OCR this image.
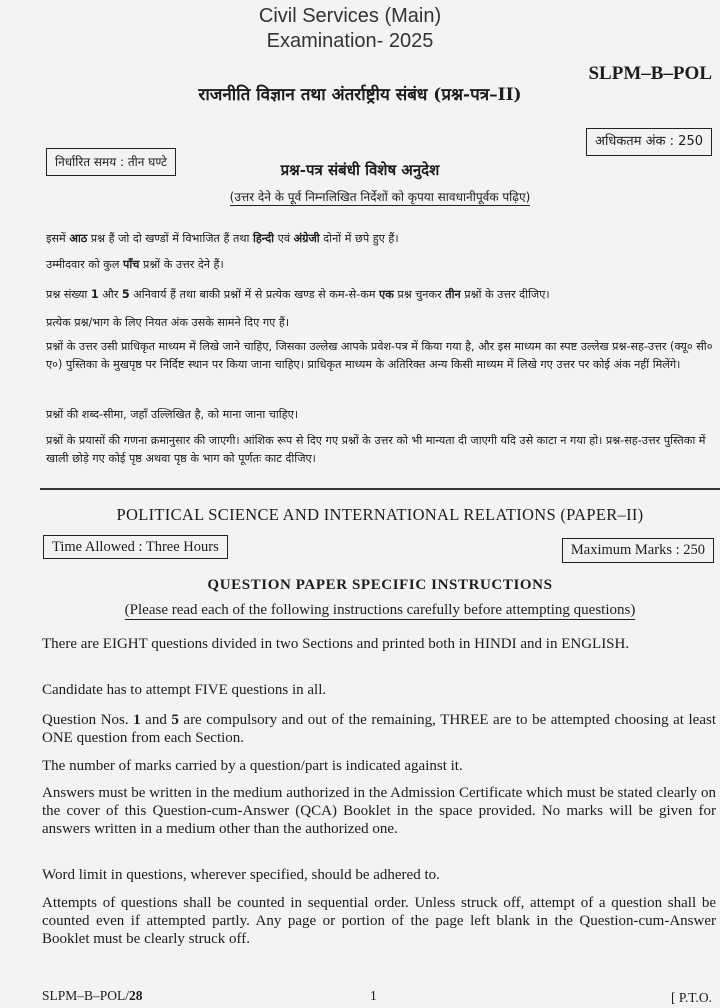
Civil Services (Main)
Examination- 2025
SLPM–B–POL
राजनीति विज्ञान तथा अंतर्राष्ट्रीय संबंध (प्रश्न-पत्र–II)
निर्धारित समय : तीन घण्टे
अधिकतम अंक : 250
प्रश्न-पत्र संबंधी विशेष अनुदेश
(उत्तर देने के पूर्व निम्नलिखित निर्देशों को कृपया सावधानीपूर्वक पढ़िए)

इसमें आठ प्रश्न हैं जो दो खण्डों में विभाजित हैं तथा हिन्दी एवं अंग्रेजी दोनों में छपे हुए हैं।

उम्मीदवार को कुल पाँच प्रश्नों के उत्तर देने हैं।

प्रश्न संख्या 1 और 5 अनिवार्य हैं तथा बाकी प्रश्नों में से प्रत्येक खण्ड से कम-से-कम एक प्रश्न चुनकर तीन प्रश्नों के उत्तर दीजिए।

प्रत्येक प्रश्न/भाग के लिए नियत अंक उसके सामने दिए गए हैं।

प्रश्नों के उत्तर उसी प्राधिकृत माध्यम में लिखे जाने चाहिए, जिसका उल्लेख आपके प्रवेश-पत्र में किया गया है, और इस माध्यम का स्पष्ट उल्लेख प्रश्न-सह-उत्तर (क्यू० सी० ए०) पुस्तिका के मुखपृष्ठ पर निर्दिष्ट स्थान पर किया जाना चाहिए। प्राधिकृत माध्यम के अतिरिक्त अन्य किसी माध्यम में लिखे गए उत्तर पर कोई अंक नहीं मिलेंगे।

प्रश्नों की शब्द-सीमा, जहाँ उल्लिखित है, को माना जाना चाहिए।

प्रश्नों के प्रयासों की गणना क्रमानुसार की जाएगी। आंशिक रूप से दिए गए प्रश्नों के उत्तर को भी मान्यता दी जाएगी यदि उसे काटा न गया हो। प्रश्न-सह-उत्तर पुस्तिका में खाली छोड़े गए कोई पृष्ठ अथवा पृष्ठ के भाग को पूर्णतः काट दीजिए।

POLITICAL SCIENCE AND INTERNATIONAL RELATIONS (PAPER–II)
Time Allowed : Three Hours	Maximum Marks : 250
QUESTION PAPER SPECIFIC INSTRUCTIONS
(Please read each of the following instructions carefully before attempting questions)

There are EIGHT questions divided in two Sections and printed both in HINDI and in ENGLISH.

Candidate has to attempt FIVE questions in all.

Question Nos. 1 and 5 are compulsory and out of the remaining, THREE are to be attempted choosing at least ONE question from each Section.

The number of marks carried by a question/part is indicated against it.

Answers must be written in the medium authorized in the Admission Certificate which must be stated clearly on the cover of this Question-cum-Answer (QCA) Booklet in the space provided. No marks will be given for answers written in a medium other than the authorized one.

Word limit in questions, wherever specified, should be adhered to.

Attempts of questions shall be counted in sequential order. Unless struck off, attempt of a question shall be counted even if attempted partly. Any page or portion of the page left blank in the Question-cum-Answer Booklet must be clearly struck off.

SLPM–B–POL/28	1	[ P.T.O.
